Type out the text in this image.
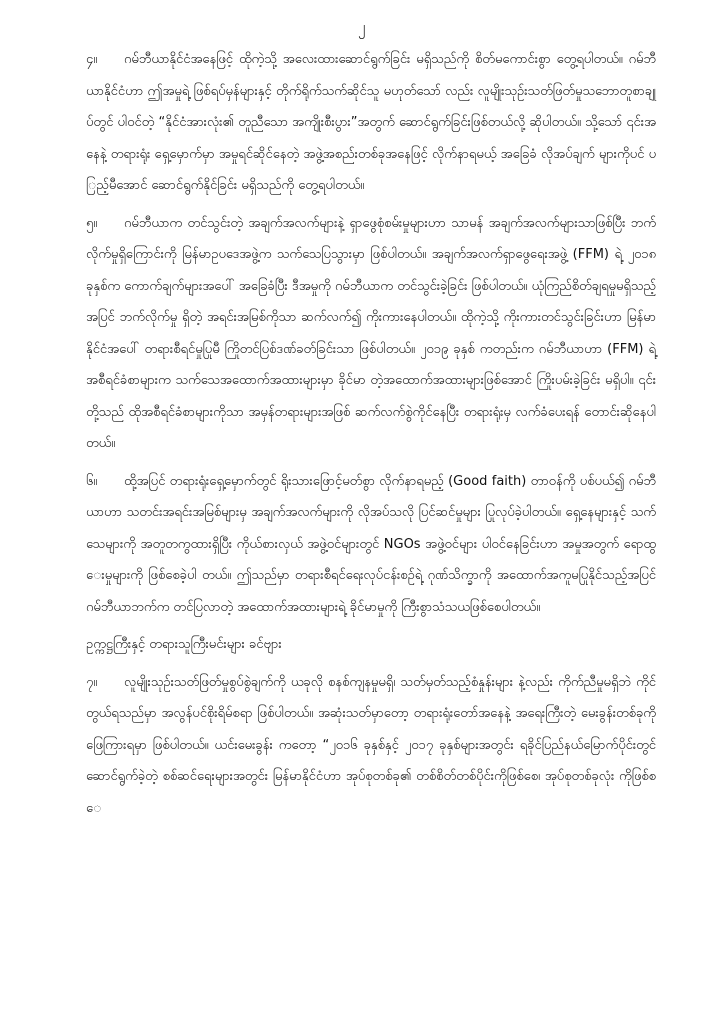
၂

၄။ ဂမ်ဘီယာနိုင်ငံအနေဖြင့် ထိုကဲ့သို့ အလေးထားဆောင်ရွက်ခြင်း မရှိသည်ကို စိတ်မကောင်းစွာ တွေ့ရပါတယ်။ ဂမ်ဘီယာနိုင်ငံဟာ ဤအမှုရဲ့ ဖြစ်ရပ်မှန်များနှင့် တိုက်ရိုက်သက်ဆိုင်သူ မဟုတ်သော် လည်း လူမျိုးသုဉ်းသတ်ဖြတ်မှုသဘောတူစာချုပ်တွင် ပါဝင်တဲ့ “နိုင်ငံအားလုံး၏ တူညီသော အကျိုးစီးပွား”အတွက် ဆောင်ရွက်ခြင်းဖြစ်တယ်လို့ ဆိုပါတယ်။ သို့သော် ၎င်းအနေနဲ့ တရားရုံး ရှေ့မှောက်မှာ အမှုရင်ဆိုင်နေတဲ့ အဖွဲ့အစည်းတစ်ခုအနေဖြင့် လိုက်နာရမယ့် အခြေခံ လိုအပ်ချက် များကိုပင် ပြည့်မီအောင် ဆောင်ရွက်နိုင်ခြင်း မရှိသည်ကို တွေ့ရပါတယ်။

၅။ ဂမ်ဘီယာက တင်သွင်းတဲ့ အချက်အလက်များနဲ့ ရှာဖွေစုံစမ်းမှုများဟာ သာမန် အချက်အလက်များသာဖြစ်ပြီး ဘက်လိုက်မှုရှိကြောင်းကို မြန်မာဥပဒေအဖွဲ့က သက်သေပြသွားမှာ ဖြစ်ပါတယ်။ အချက်အလက်ရှာဖွေရေးအဖွဲ့ (FFM) ရဲ့ ၂၀၁၈ ခုနှစ်က ကောက်ချက်များအပေါ် အခြေခံပြီး ဒီအမှုကို ဂမ်ဘီယာက တင်သွင်းခဲ့ခြင်း ဖြစ်ပါတယ်။ ယုံကြည်စိတ်ချရမှုမရှိသည့်အပြင် ဘက်လိုက်မှု ရှိတဲ့ အရင်းအမြစ်ကိုသာ ဆက်လက်၍ ကိုးကားနေပါတယ်။ ထိုကဲ့သို့ ကိုးကားတင်သွင်းခြင်းဟာ မြန်မာနိုင်ငံအပေါ် တရားစီရင်မှုပြုမီ ကြိုတင်ပြစ်ဒဏ်ခတ်ခြင်းသာ ဖြစ်ပါတယ်။ ၂၀၁၉ ခုနှစ် ကတည်းက ဂမ်ဘီယာဟာ (FFM) ရဲ့ အစီရင်ခံစာများက သက်သေအထောက်အထားများမှာ ခိုင်မာ တဲ့အထောက်အထားများဖြစ်အောင် ကြိုးပမ်းခဲ့ခြင်း မရှိပါ။ ၎င်းတို့သည် ထိုအစီရင်ခံစာများကိုသာ အမှန်တရားများအဖြစ် ဆက်လက်စွဲကိုင်နေပြီး တရားရုံးမှ လက်ခံပေးရန် တောင်းဆိုနေပါတယ်။

၆။ ထို့အပြင် တရားရုံးရှေ့မှောက်တွင် ရိုးသားဖြောင့်မတ်စွာ လိုက်နာရမည့် (Good faith) တာဝန်ကို ပစ်ပယ်၍ ဂမ်ဘီယာဟာ သတင်းအရင်းအမြစ်များမှ အချက်အလက်များကို လိုအပ်သလို ပြင်ဆင်မှုများ ပြုလုပ်ခဲ့ပါတယ်။ ရှေ့နေများနှင့် သက်သေများကို အတူတကွထားရှိပြီး ကိုယ်စားလှယ် အဖွဲ့ဝင်များတွင် NGOs အဖွဲ့ဝင်များ ပါဝင်နေခြင်းဟာ အမှုအတွက် ရောထွေးမှုများကို ဖြစ်စေခဲ့ပါ တယ်။ ဤသည်မှာ တရားစီရင်ရေးလုပ်ငန်းစဉ်ရဲ့ ဂုဏ်သိက္ခာကို အထောက်အကူမပြုနိုင်သည့်အပြင် ဂမ်ဘီယာဘက်က တင်ပြလာတဲ့ အထောက်အထားများရဲ့ ခိုင်မာမှုကို ကြီးစွာသံသယဖြစ်စေပါတယ်။

ဥက္ကဋ္ဌကြီးနှင့် တရားသူကြီးမင်းများ ခင်ဗျား

၇။ လူမျိုးသုဉ်းသတ်ဖြတ်မှုစွပ်စွဲချက်ကို ယခုလို စနစ်ကျနမှုမရှိ၊ သတ်မှတ်သည့်စံနှုန်းများ နဲ့လည်း ကိုက်ညီမှုမရှိဘဲ ကိုင်တွယ်ရသည်မှာ အလွန်ပင်စိုးရိမ်စရာ ဖြစ်ပါတယ်။ အဆုံးသတ်မှာတော့ တရားရုံးတော်အနေနဲ့ အရေးကြီးတဲ့ မေးခွန်းတစ်ခုကို ဖြေကြားရမှာ ဖြစ်ပါတယ်။ ယင်းမေးခွန်း ကတော့ “၂၀၁၆ ခုနှစ်နှင့် ၂၀၁၇ ခုနှစ်များအတွင်း ရခိုင်ပြည်နယ်မြောက်ပိုင်းတွင် ဆောင်ရွက်ခဲ့တဲ့ စစ်ဆင်ရေးများအတွင်း မြန်မာနိုင်ငံဟာ အုပ်စုတစ်ခု၏ တစ်စိတ်တစ်ပိုင်းကိုဖြစ်စေ၊ အုပ်စုတစ်ခုလုံး ကိုဖြစ်စေ
